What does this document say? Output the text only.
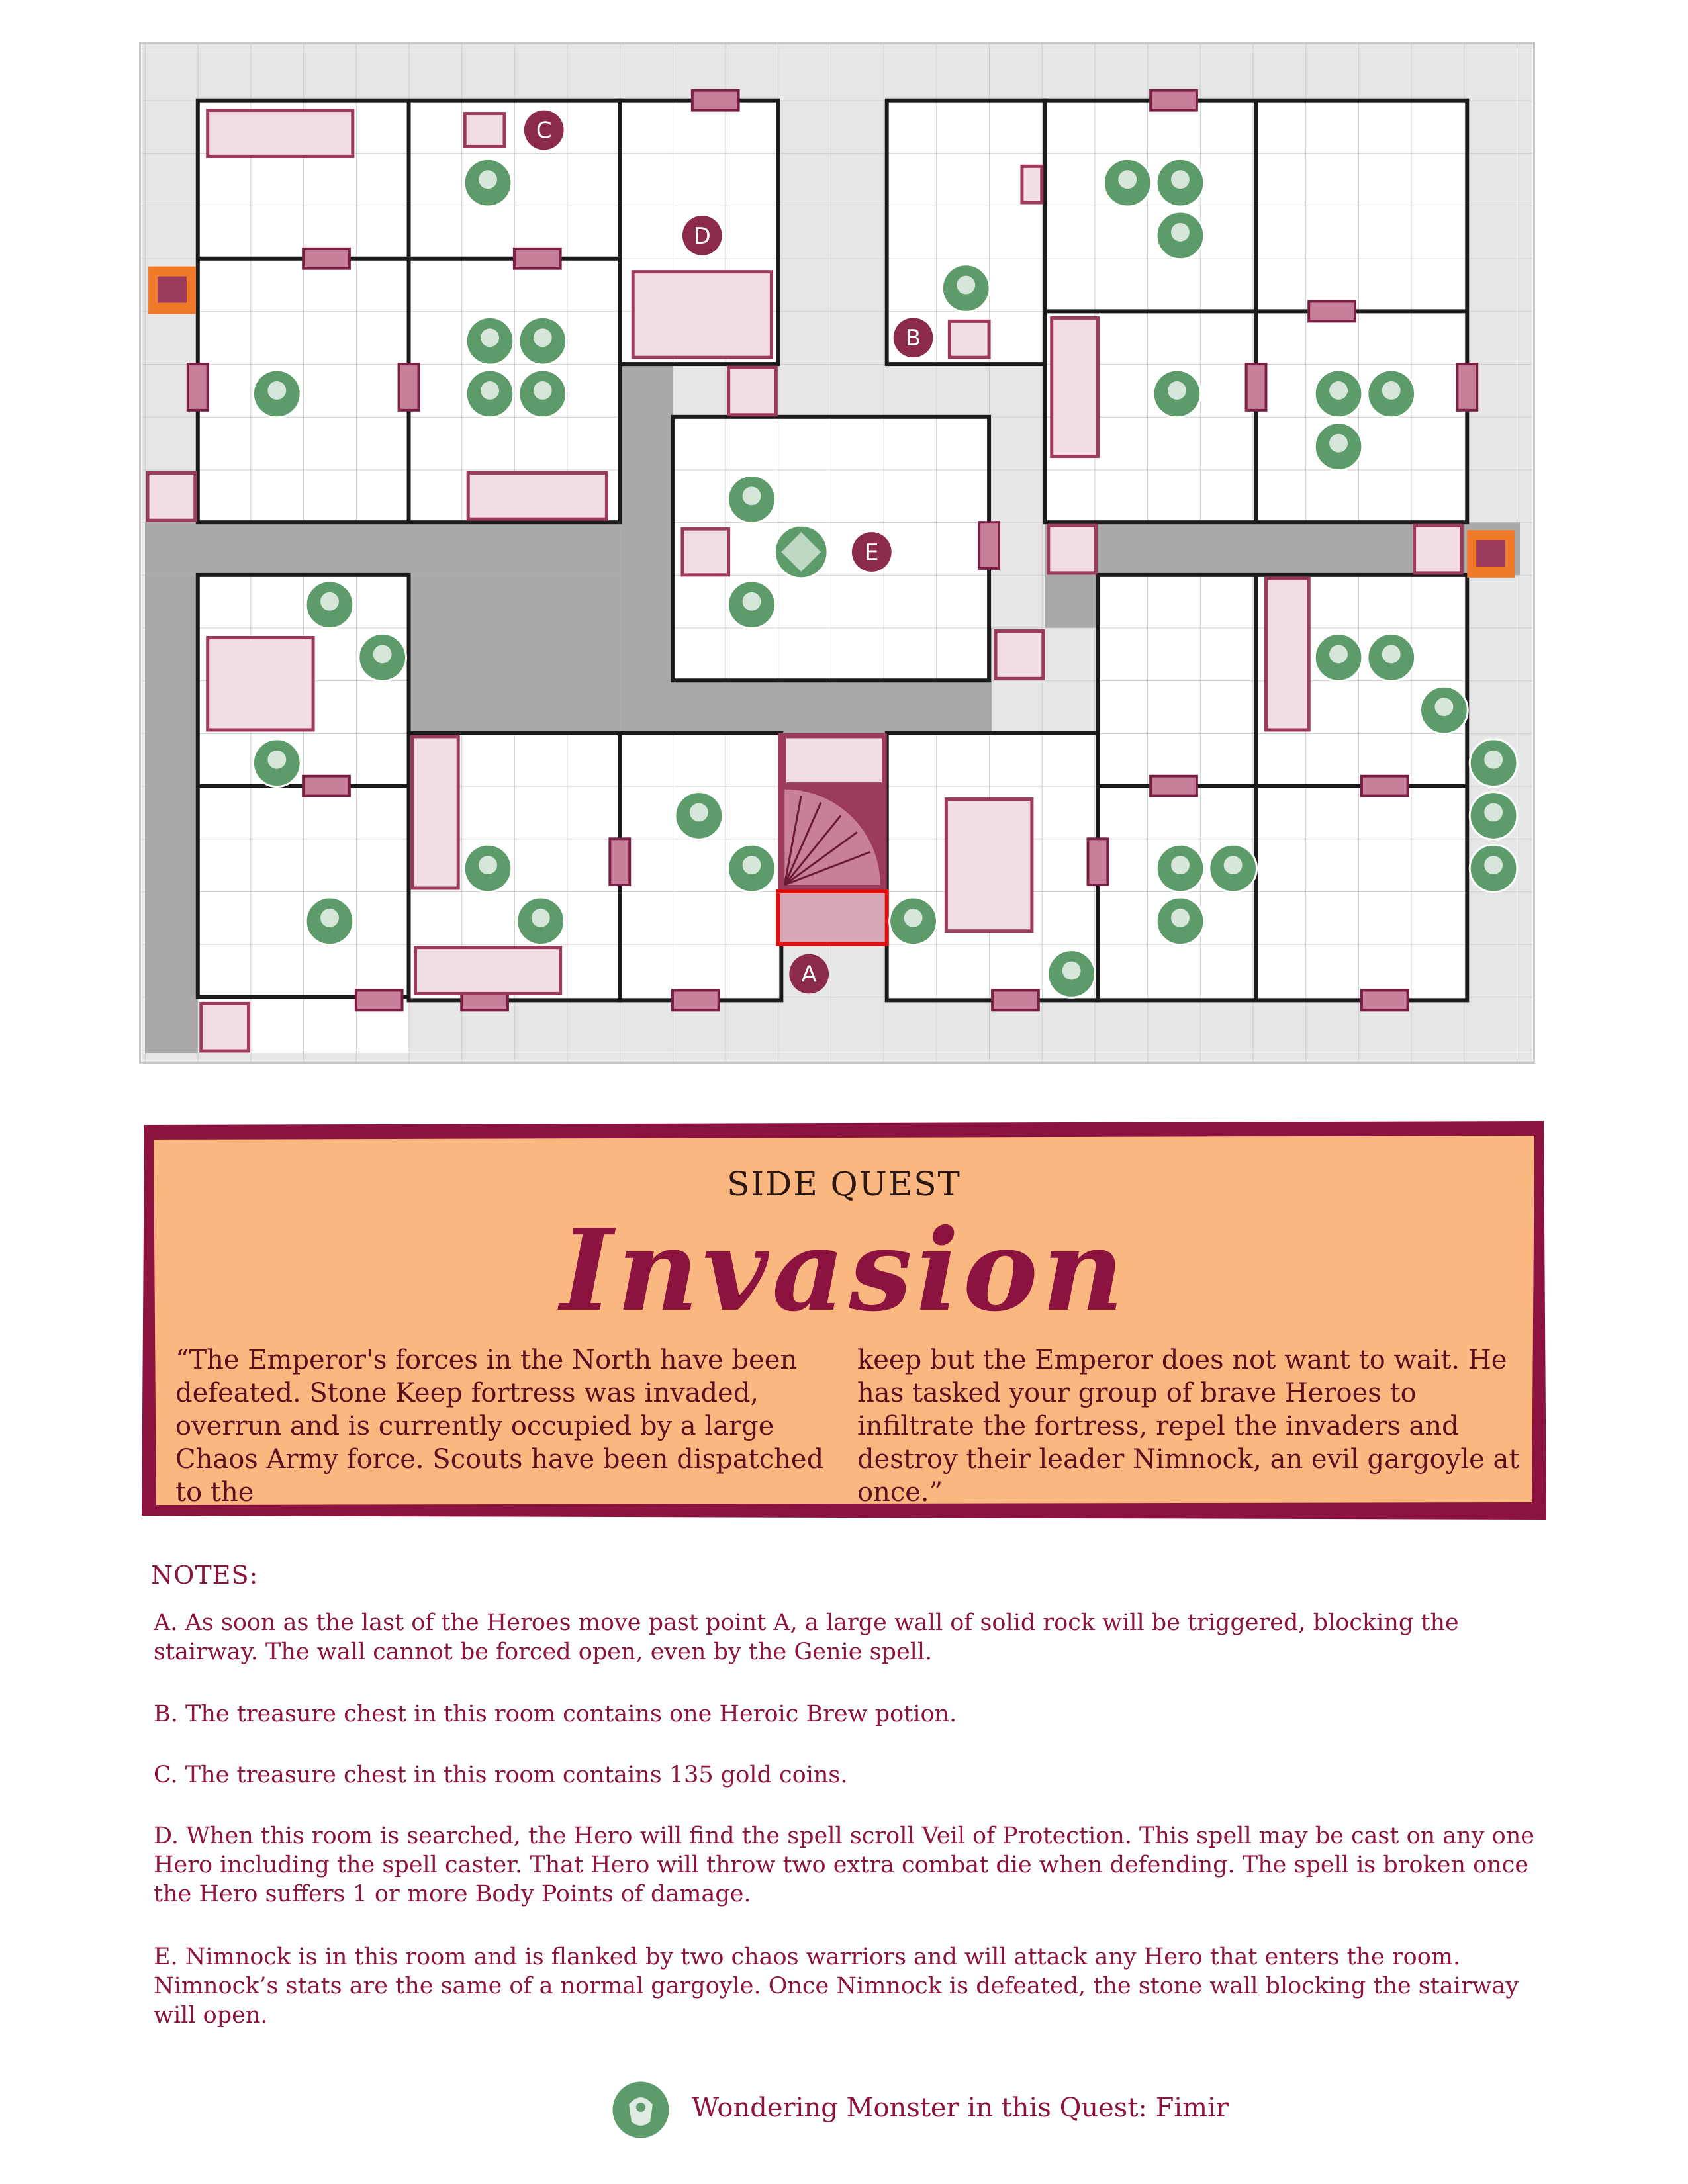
A
B
C
D
E
SIDE QUEST
Invasion
“The Emperor's forces in the North have been defeated. Stone Keep fortress was invaded, overrun and is currently occupied by a large Chaos Army force. Scouts have been dispatched to the
keep but the Emperor does not want to wait. He has tasked your group of brave Heroes to infiltrate the fortress, repel the invaders and destroy their leader Nimnock, an evil gargoyle at once.”
NOTES:
A. As soon as the last of the Heroes move past point A, a large wall of solid rock will be triggered, blocking the stairway. The wall cannot be forced open, even by the Genie spell.
B. The treasure chest in this room contains one Heroic Brew potion.
C. The treasure chest in this room contains 135 gold coins.
D. When this room is searched, the Hero will find the spell scroll Veil of Protection. This spell may be cast on any one Hero including the spell caster. That Hero will throw two extra combat die when defending. The spell is broken once the Hero suffers 1 or more Body Points of damage.
E. Nimnock is in this room and is flanked by two chaos warriors and will attack any Hero that enters the room. Nimnock’s stats are the same of a normal gargoyle. Once Nimnock is defeated, the stone wall blocking the stairway will open.
Wondering Monster in this Quest: Fimir
